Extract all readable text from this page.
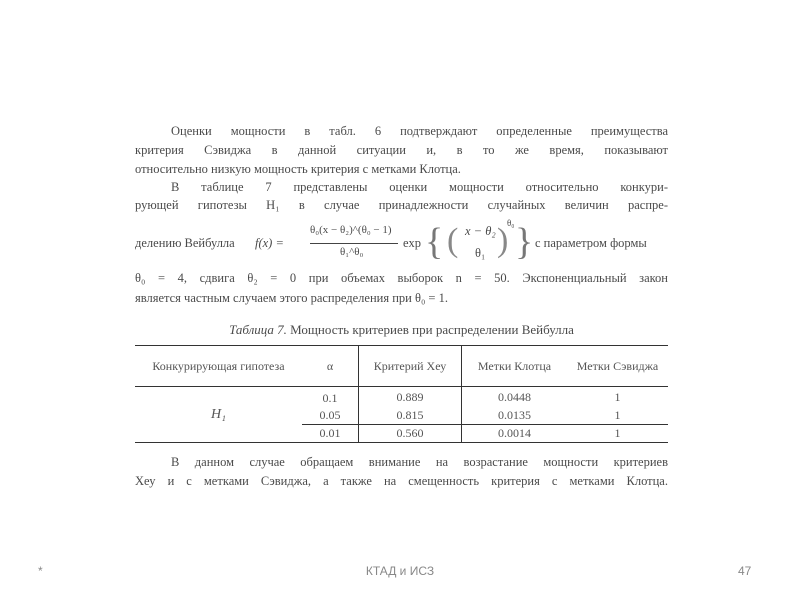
Оценки мощности в табл. 6 подтверждают определенные преимущества
критерия Сэвиджа в данной ситуации и, в то же время, показывают
относительно низкую мощность критерия с метками Клотца.
В таблице 7 представлены оценки мощности относительно конкури-
рующей гипотезы H₁ в случае принадлежности случайных величин распре-
делению Вейбулла f(x) =
θ₀(x − θ₂)^(θ₀ − 1)
θ₁^θ₀
exp { ( x − θ₂
θ₁ )
θ₀ } с параметром формы
θ₀ = 4, сдвига θ₂ = 0 при объемах выборок n = 50. Экспоненциальный закон
является частным случаем этого распределения при θ₀ = 1.
Таблица 7. Мощность критериев при распределении Вейбулла
Конкурирующая гипотеза	α	Критерий Хеу	Метки Клотца	Метки Сэвиджа
H₁	0.1	0.889	0.0448	1
	0.05	0.815	0.0135	1
	0.01	0.560	0.0014	1
В данном случае обращаем внимание на возрастание мощности критериев
Хеу и с метками Сэвиджа, а также на смещенность критерия с метками Клотца.
*	КТАД и ИСЗ	47
